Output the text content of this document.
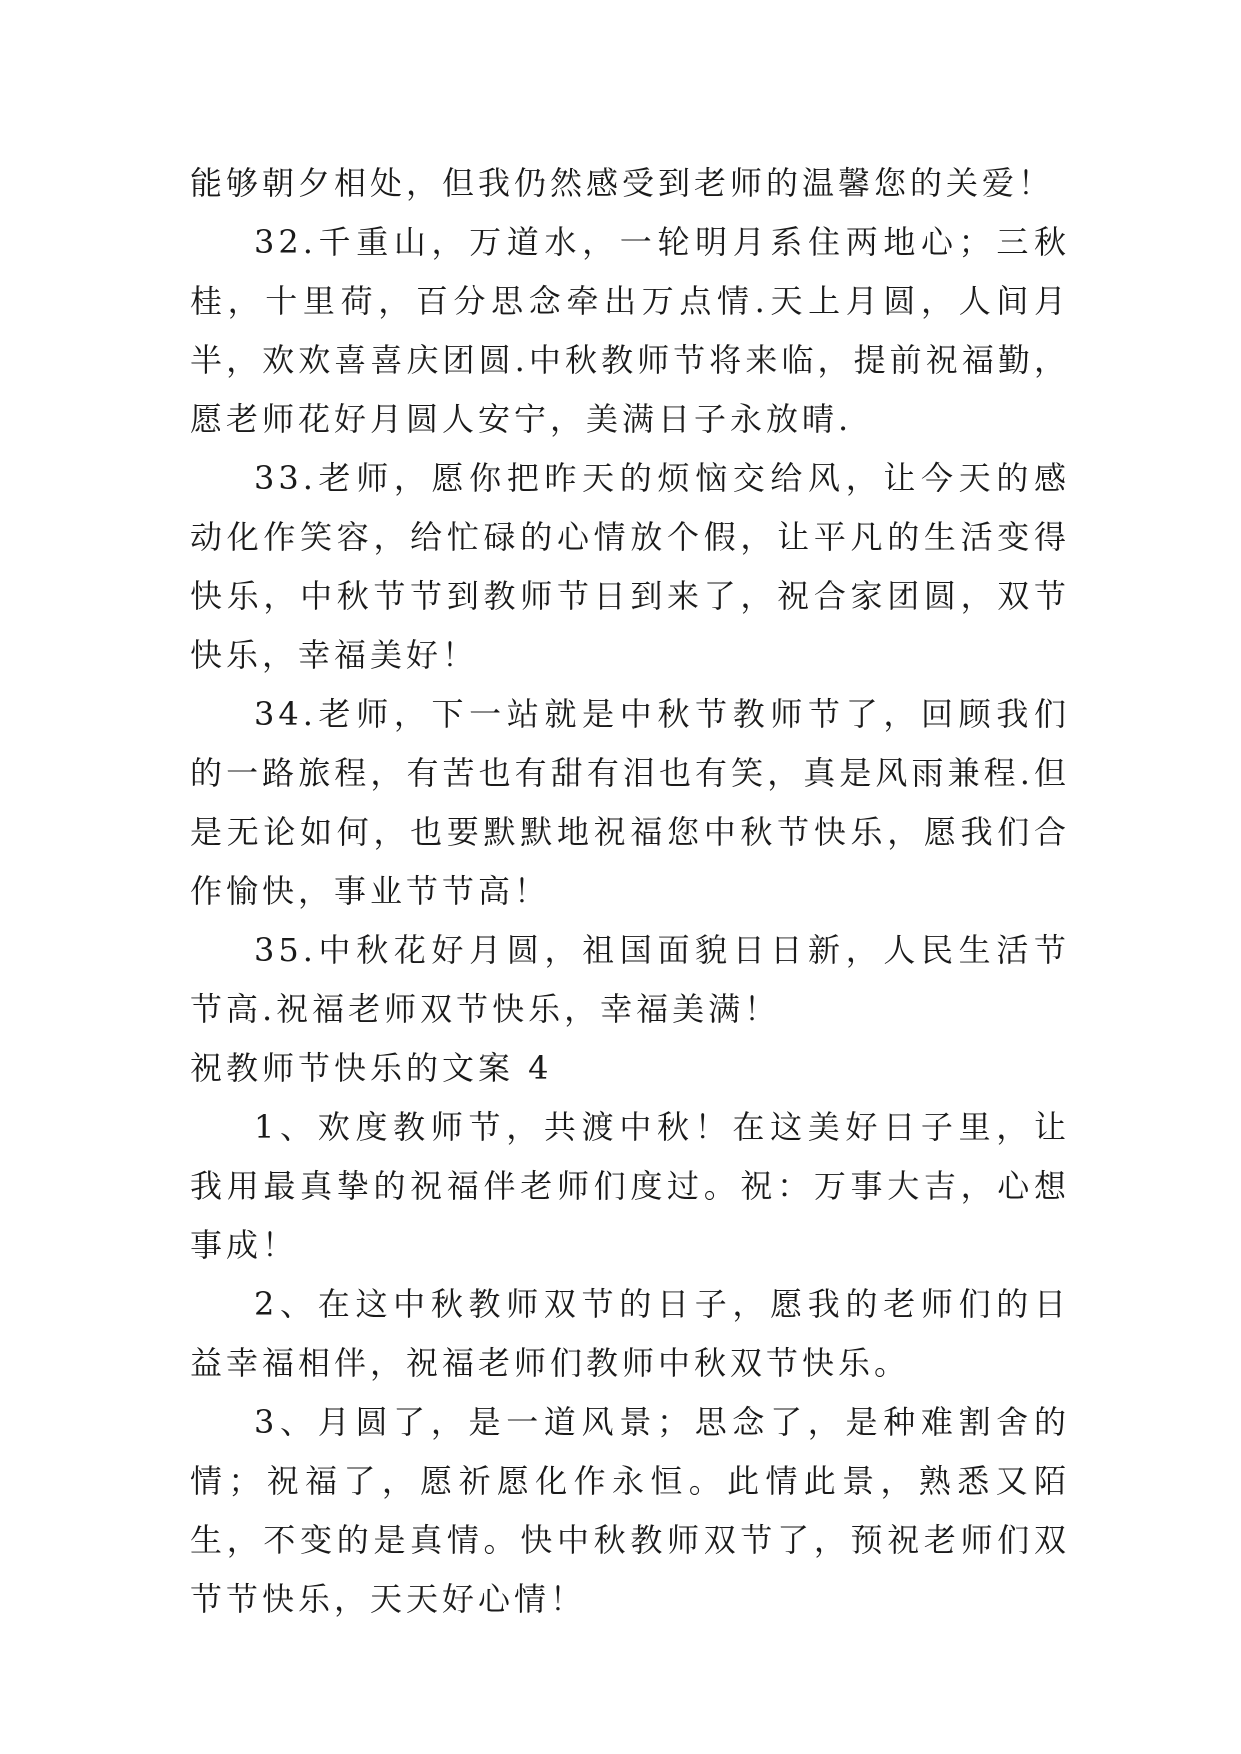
能够朝夕相处，但我仍然感受到老师的温馨您的关爱！

32.千重山，万道水，一轮明月系住两地心；三秋桂，十里荷，百分思念牵出万点情.天上月圆，人间月半，欢欢喜喜庆团圆.中秋教师节将来临，提前祝福勤，愿老师花好月圆人安宁，美满日子永放晴.

33.老师，愿你把昨天的烦恼交给风，让今天的感动化作笑容，给忙碌的心情放个假，让平凡的生活变得快乐，中秋节节到教师节日到来了，祝合家团圆，双节快乐，幸福美好！

34.老师，下一站就是中秋节教师节了，回顾我们的一路旅程，有苦也有甜有泪也有笑，真是风雨兼程.但是无论如何，也要默默地祝福您中秋节快乐，愿我们合作愉快，事业节节高！

35.中秋花好月圆，祖国面貌日日新，人民生活节节高.祝福老师双节快乐，幸福美满！

祝教师节快乐的文案 4

1、欢度教师节，共渡中秋！在这美好日子里，让我用最真挚的祝福伴老师们度过。祝：万事大吉，心想事成！

2、在这中秋教师双节的日子，愿我的老师们的日益幸福相伴，祝福老师们教师中秋双节快乐。

3、月圆了，是一道风景；思念了，是种难割舍的情；祝福了，愿祈愿化作永恒。此情此景，熟悉又陌生，不变的是真情。快中秋教师双节了，预祝老师们双节节快乐，天天好心情！
